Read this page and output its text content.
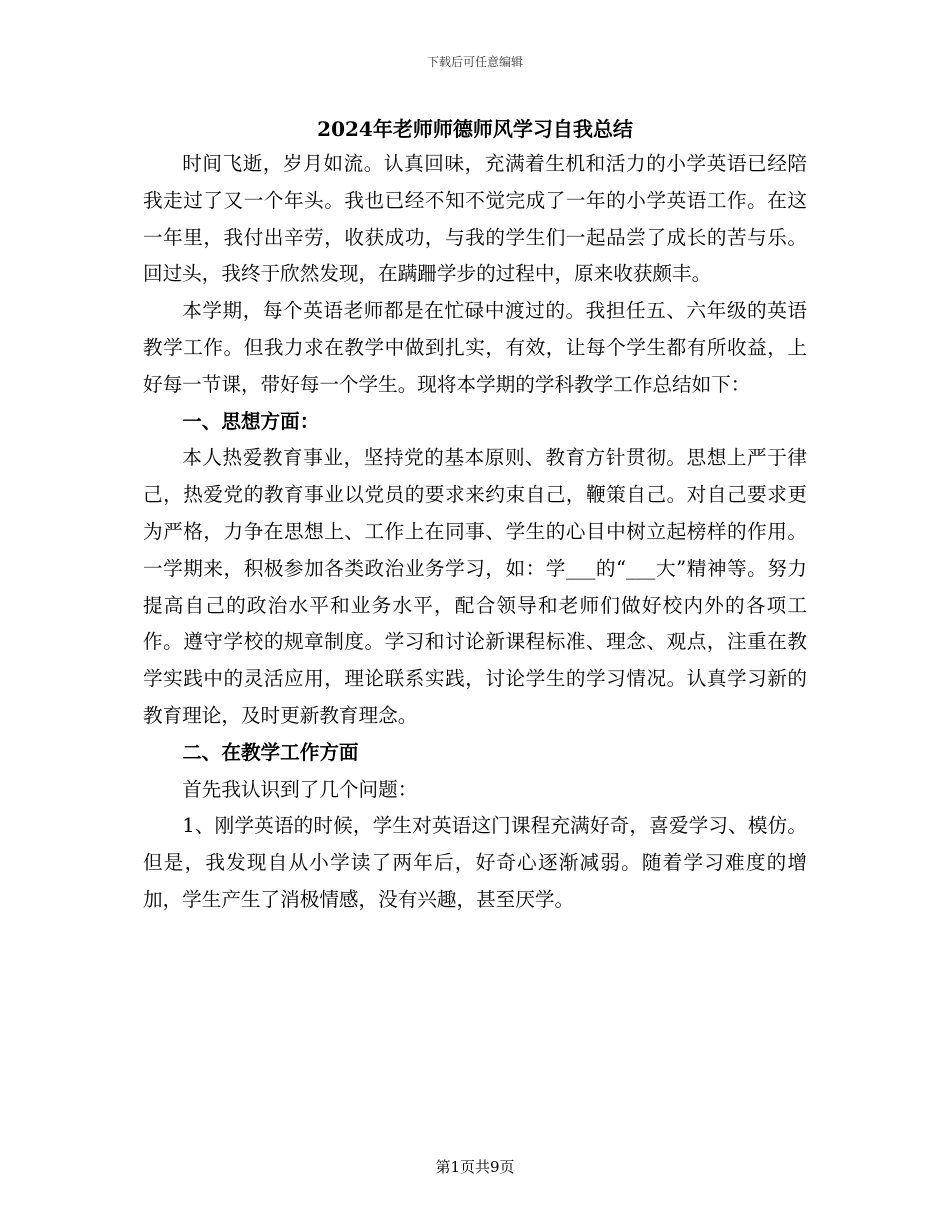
下载后可任意编辑
2024年老师师德师风学习自我总结

时间飞逝，岁月如流。认真回味，充满着生机和活力的小学英语已经陪我走过了又一个年头。我也已经不知不觉完成了一年的小学英语工作。在这一年里，我付出辛劳，收获成功，与我的学生们一起品尝了成长的苦与乐。回过头，我终于欣然发现，在蹒跚学步的过程中，原来收获颇丰。

本学期，每个英语老师都是在忙碌中渡过的。我担任五、六年级的英语教学工作。但我力求在教学中做到扎实，有效，让每个学生都有所收益，上好每一节课，带好每一个学生。现将本学期的学科教学工作总结如下：

一、思想方面：

本人热爱教育事业，坚持党的基本原则、教育方针贯彻。思想上严于律己，热爱党的教育事业以党员的要求来约束自己，鞭策自己。对自己要求更为严格，力争在思想上、工作上在同事、学生的心目中树立起榜样的作用。一学期来，积极参加各类政治业务学习，如：学___的“___大”精神等。努力提高自己的政治水平和业务水平，配合领导和老师们做好校内外的各项工作。遵守学校的规章制度。学习和讨论新课程标准、理念、观点，注重在教学实践中的灵活应用，理论联系实践，讨论学生的学习情况。认真学习新的教育理论，及时更新教育理念。

二、在教学工作方面

首先我认识到了几个问题：

1、刚学英语的时候，学生对英语这门课程充满好奇，喜爱学习、模仿。但是，我发现自从小学读了两年后，好奇心逐渐减弱。随着学习难度的增加，学生产生了消极情感，没有兴趣，甚至厌学。

第1页共9页
